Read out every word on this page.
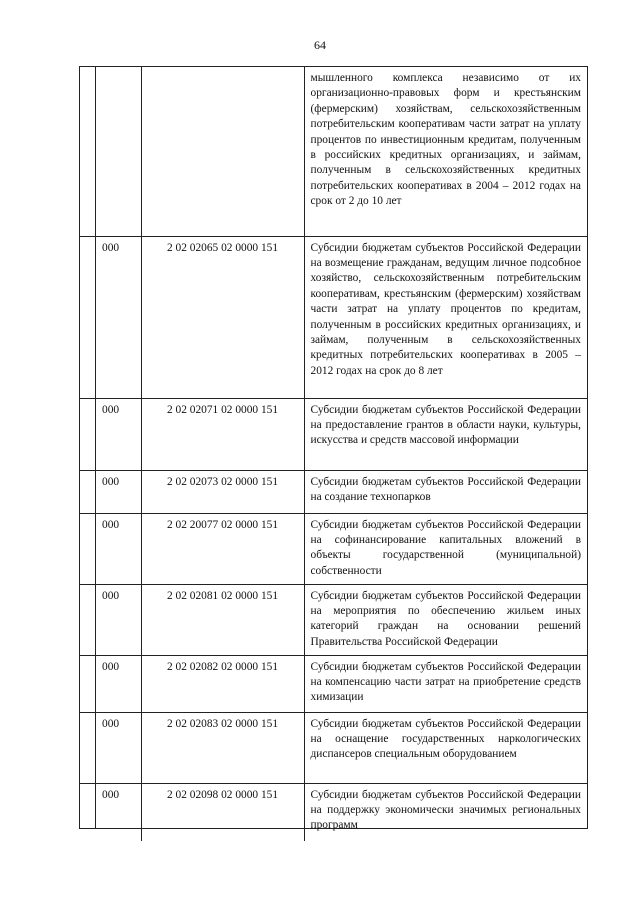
64
		мышленного комплекса независимо от их организационно-правовых форм и крестьянским (фермерским) хозяйствам, сельскохозяйственным потребительским кооперативам части затрат на уплату процентов по инвестиционным кредитам, полученным в российских кредитных организациях, и займам, полученным в сельскохозяйственных кредитных потребительских кооперативах в 2004 – 2012 годах на срок от 2 до 10 лет
000	2 02 02065 02 0000 151	Субсидии бюджетам субъектов Российской Федерации на возмещение гражданам, ведущим личное подсобное хозяйство, сельскохозяйственным потребительским кооперативам, крестьянским (фермерским) хозяйствам части затрат на уплату процентов по кредитам, полученным в российских кредитных организациях, и займам, полученным в сельскохозяйственных кредитных потребительских кооперативах в 2005 – 2012 годах на срок до 8 лет
000	2 02 02071 02 0000 151	Субсидии бюджетам субъектов Российской Федерации на предоставление грантов в области науки, культуры, искусства и средств массовой информации
000	2 02 02073 02 0000 151	Субсидии бюджетам субъектов Российской Федерации на создание технопарков
000	2 02 20077 02 0000 151	Субсидии бюджетам субъектов Российской Федерации на софинансирование капитальных вложений в объекты государственной (муниципальной) собственности
000	2 02 02081 02 0000 151	Субсидии бюджетам субъектов Российской Федерации на мероприятия по обеспечению жильем иных категорий граждан на основании решений Правительства Российской Федерации
000	2 02 02082 02 0000 151	Субсидии бюджетам субъектов Российской Федерации на компенсацию части затрат на приобретение средств химизации
000	2 02 02083 02 0000 151	Субсидии бюджетам субъектов Российской Федерации на оснащение государственных наркологических диспансеров специальным оборудованием
000	2 02 02098 02 0000 151	Субсидии бюджетам субъектов Российской Федерации на поддержку экономически значимых региональных программ
